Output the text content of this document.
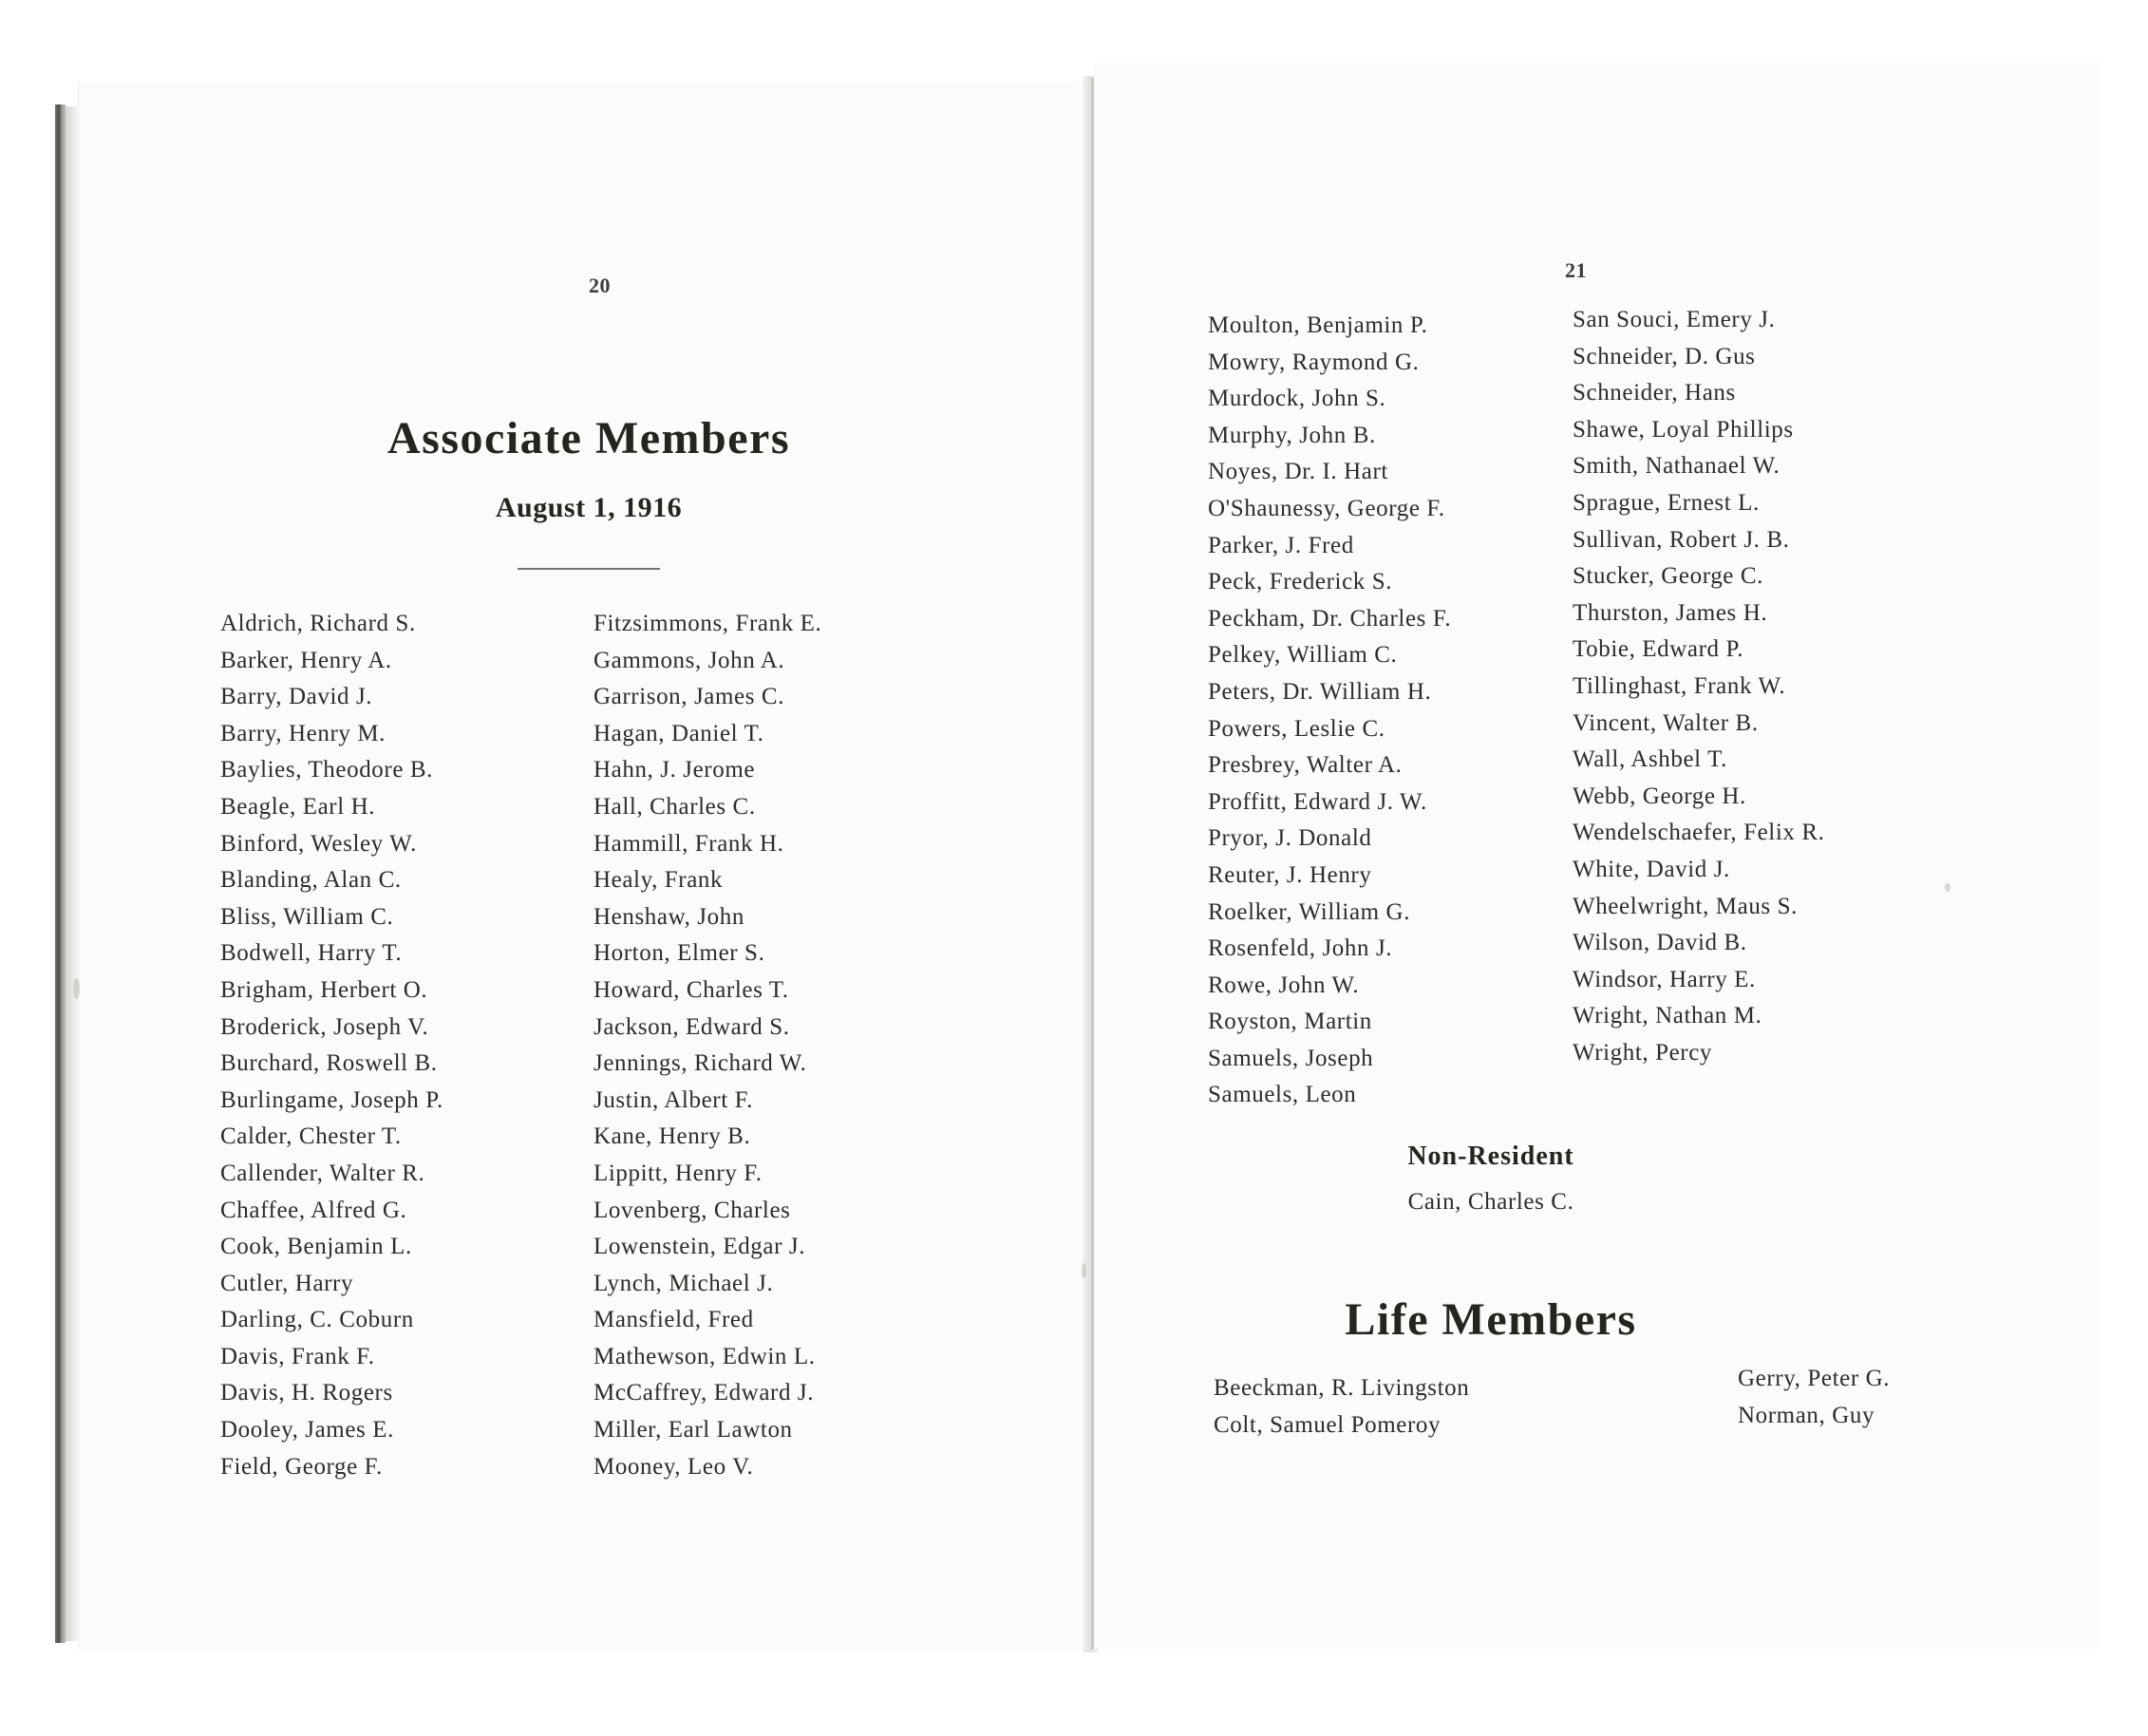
20
Associate Members
August 1, 1916
Aldrich, Richard S.
Barker, Henry A.
Barry, David J.
Barry, Henry M.
Baylies, Theodore B.
Beagle, Earl H.
Binford, Wesley W.
Blanding, Alan C.
Bliss, William C.
Bodwell, Harry T.
Brigham, Herbert O.
Broderick, Joseph V.
Burchard, Roswell B.
Burlingame, Joseph P.
Calder, Chester T.
Callender, Walter R.
Chaffee, Alfred G.
Cook, Benjamin L.
Cutler, Harry
Darling, C. Coburn
Davis, Frank F.
Davis, H. Rogers
Dooley, James E.
Field, George F.
Fitzsimmons, Frank E.
Gammons, John A.
Garrison, James C.
Hagan, Daniel T.
Hahn, J. Jerome
Hall, Charles C.
Hammill, Frank H.
Healy, Frank
Henshaw, John
Horton, Elmer S.
Howard, Charles T.
Jackson, Edward S.
Jennings, Richard W.
Justin, Albert F.
Kane, Henry B.
Lippitt, Henry F.
Lovenberg, Charles
Lowenstein, Edgar J.
Lynch, Michael J.
Mansfield, Fred
Mathewson, Edwin L.
McCaffrey, Edward J.
Miller, Earl Lawton
Mooney, Leo V.
21
Moulton, Benjamin P.
Mowry, Raymond G.
Murdock, John S.
Murphy, John B.
Noyes, Dr. I. Hart
O'Shaunessy, George F.
Parker, J. Fred
Peck, Frederick S.
Peckham, Dr. Charles F.
Pelkey, William C.
Peters, Dr. William H.
Powers, Leslie C.
Presbrey, Walter A.
Proffitt, Edward J. W.
Pryor, J. Donald
Reuter, J. Henry
Roelker, William G.
Rosenfeld, John J.
Rowe, John W.
Royston, Martin
Samuels, Joseph
Samuels, Leon
San Souci, Emery J.
Schneider, D. Gus
Schneider, Hans
Shawe, Loyal Phillips
Smith, Nathanael W.
Sprague, Ernest L.
Sullivan, Robert J. B.
Stucker, George C.
Thurston, James H.
Tobie, Edward P.
Tillinghast, Frank W.
Vincent, Walter B.
Wall, Ashbel T.
Webb, George H.
Wendelschaefer, Felix R.
White, David J.
Wheelwright, Maus S.
Wilson, David B.
Windsor, Harry E.
Wright, Nathan M.
Wright, Percy
Non-Resident
Cain, Charles C.
Life Members
Beeckman, R. Livingston
Colt, Samuel Pomeroy
Gerry, Peter G.
Norman, Guy
